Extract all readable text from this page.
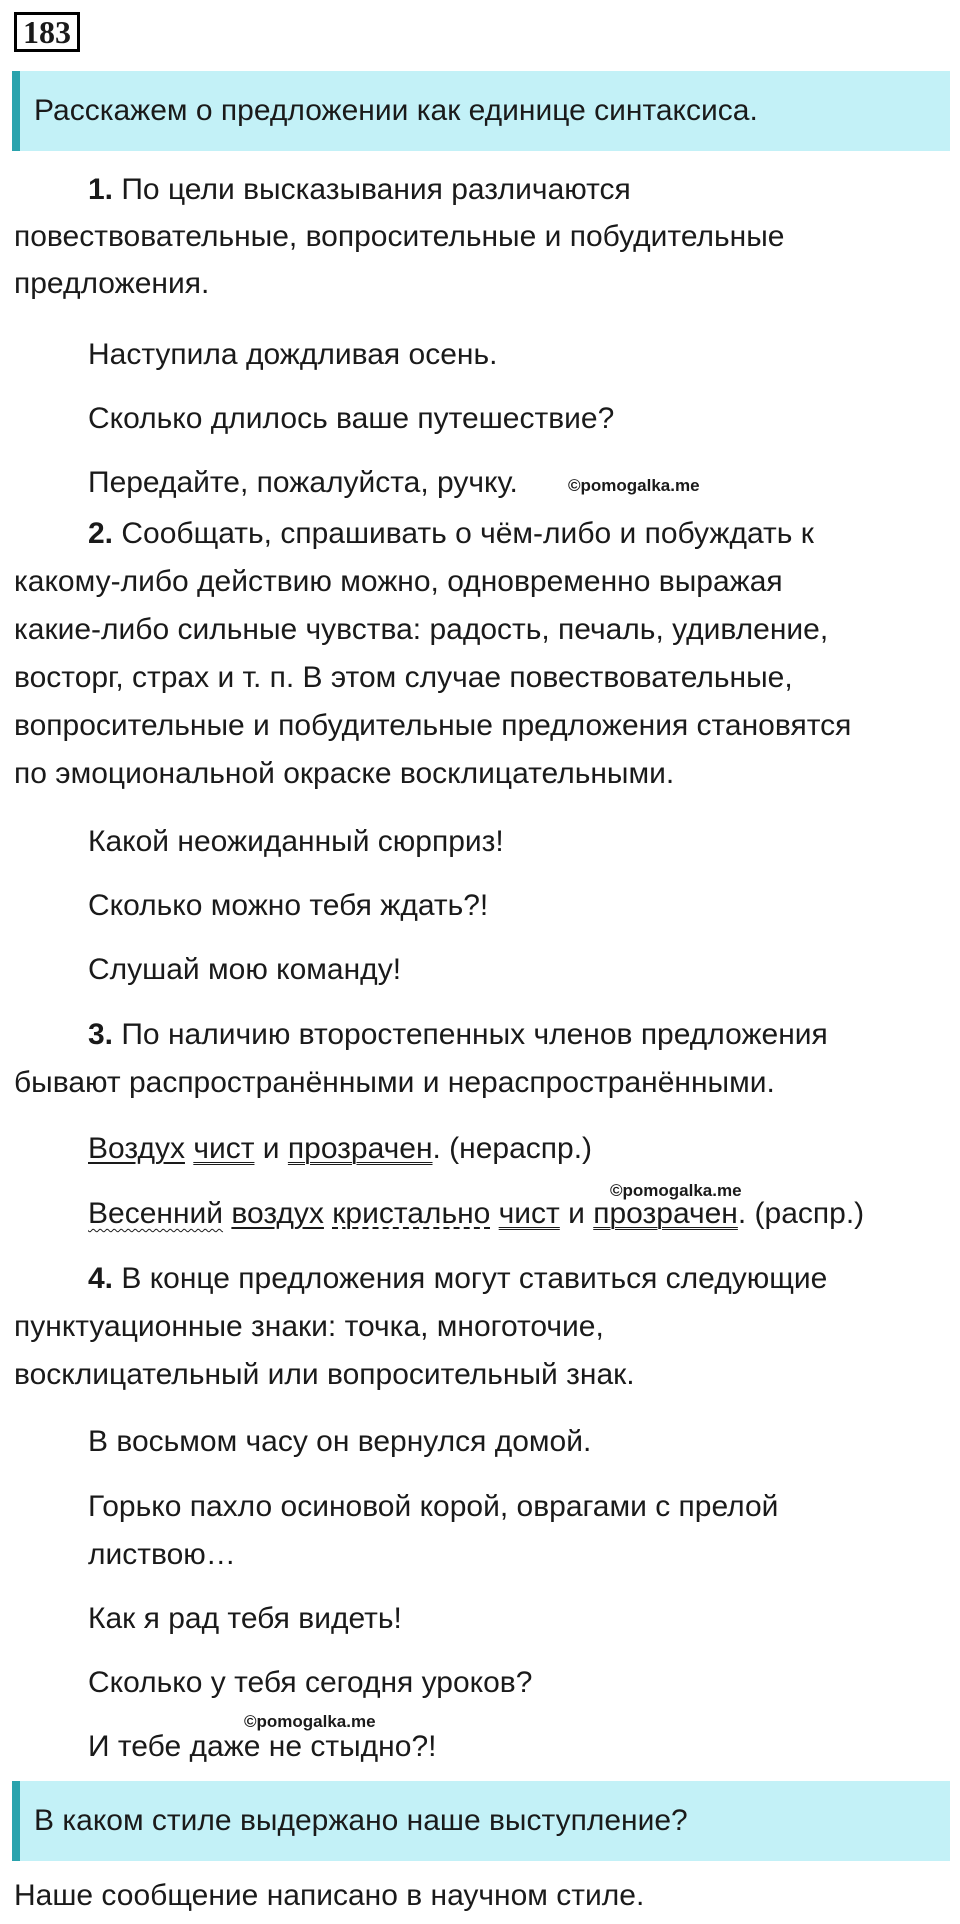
183
Расскажем о предложении как единице синтаксиса.
1. По цели высказывания различаются
повествовательные, вопросительные и побудительные
предложения.
Наступила дождливая осень.
Сколько длилось ваше путешествие?
Передайте, пожалуйста, ручку.	©pomogalka.me
2. Сообщать, спрашивать о чём-либо и побуждать к
какому-либо действию можно, одновременно выражая
какие-либо сильные чувства: радость, печаль, удивление,
восторг, страх и т. п. В этом случае повествовательные,
вопросительные и побудительные предложения становятся
по эмоциональной окраске восклицательными.
Какой неожиданный сюрприз!
Сколько можно тебя ждать?!
Слушай мою команду!
3. По наличию второстепенных членов предложения
бывают распространёнными и нераспространёнными.
Воздух чист и прозрачен. (нераспр.)
©pomogalka.me
Весенний воздух кристально чист и прозрачен. (распр.)
4. В конце предложения могут ставиться следующие
пунктуационные знаки: точка, многоточие,
восклицательный или вопросительный знак.
В восьмом часу он вернулся домой.
Горько пахло осиновой корой, оврагами с прелой
листвою…
Как я рад тебя видеть!
Сколько у тебя сегодня уроков?
©pomogalka.me
И тебе даже не стыдно?!
В каком стиле выдержано наше выступление?
Наше сообщение написано в научном стиле.
